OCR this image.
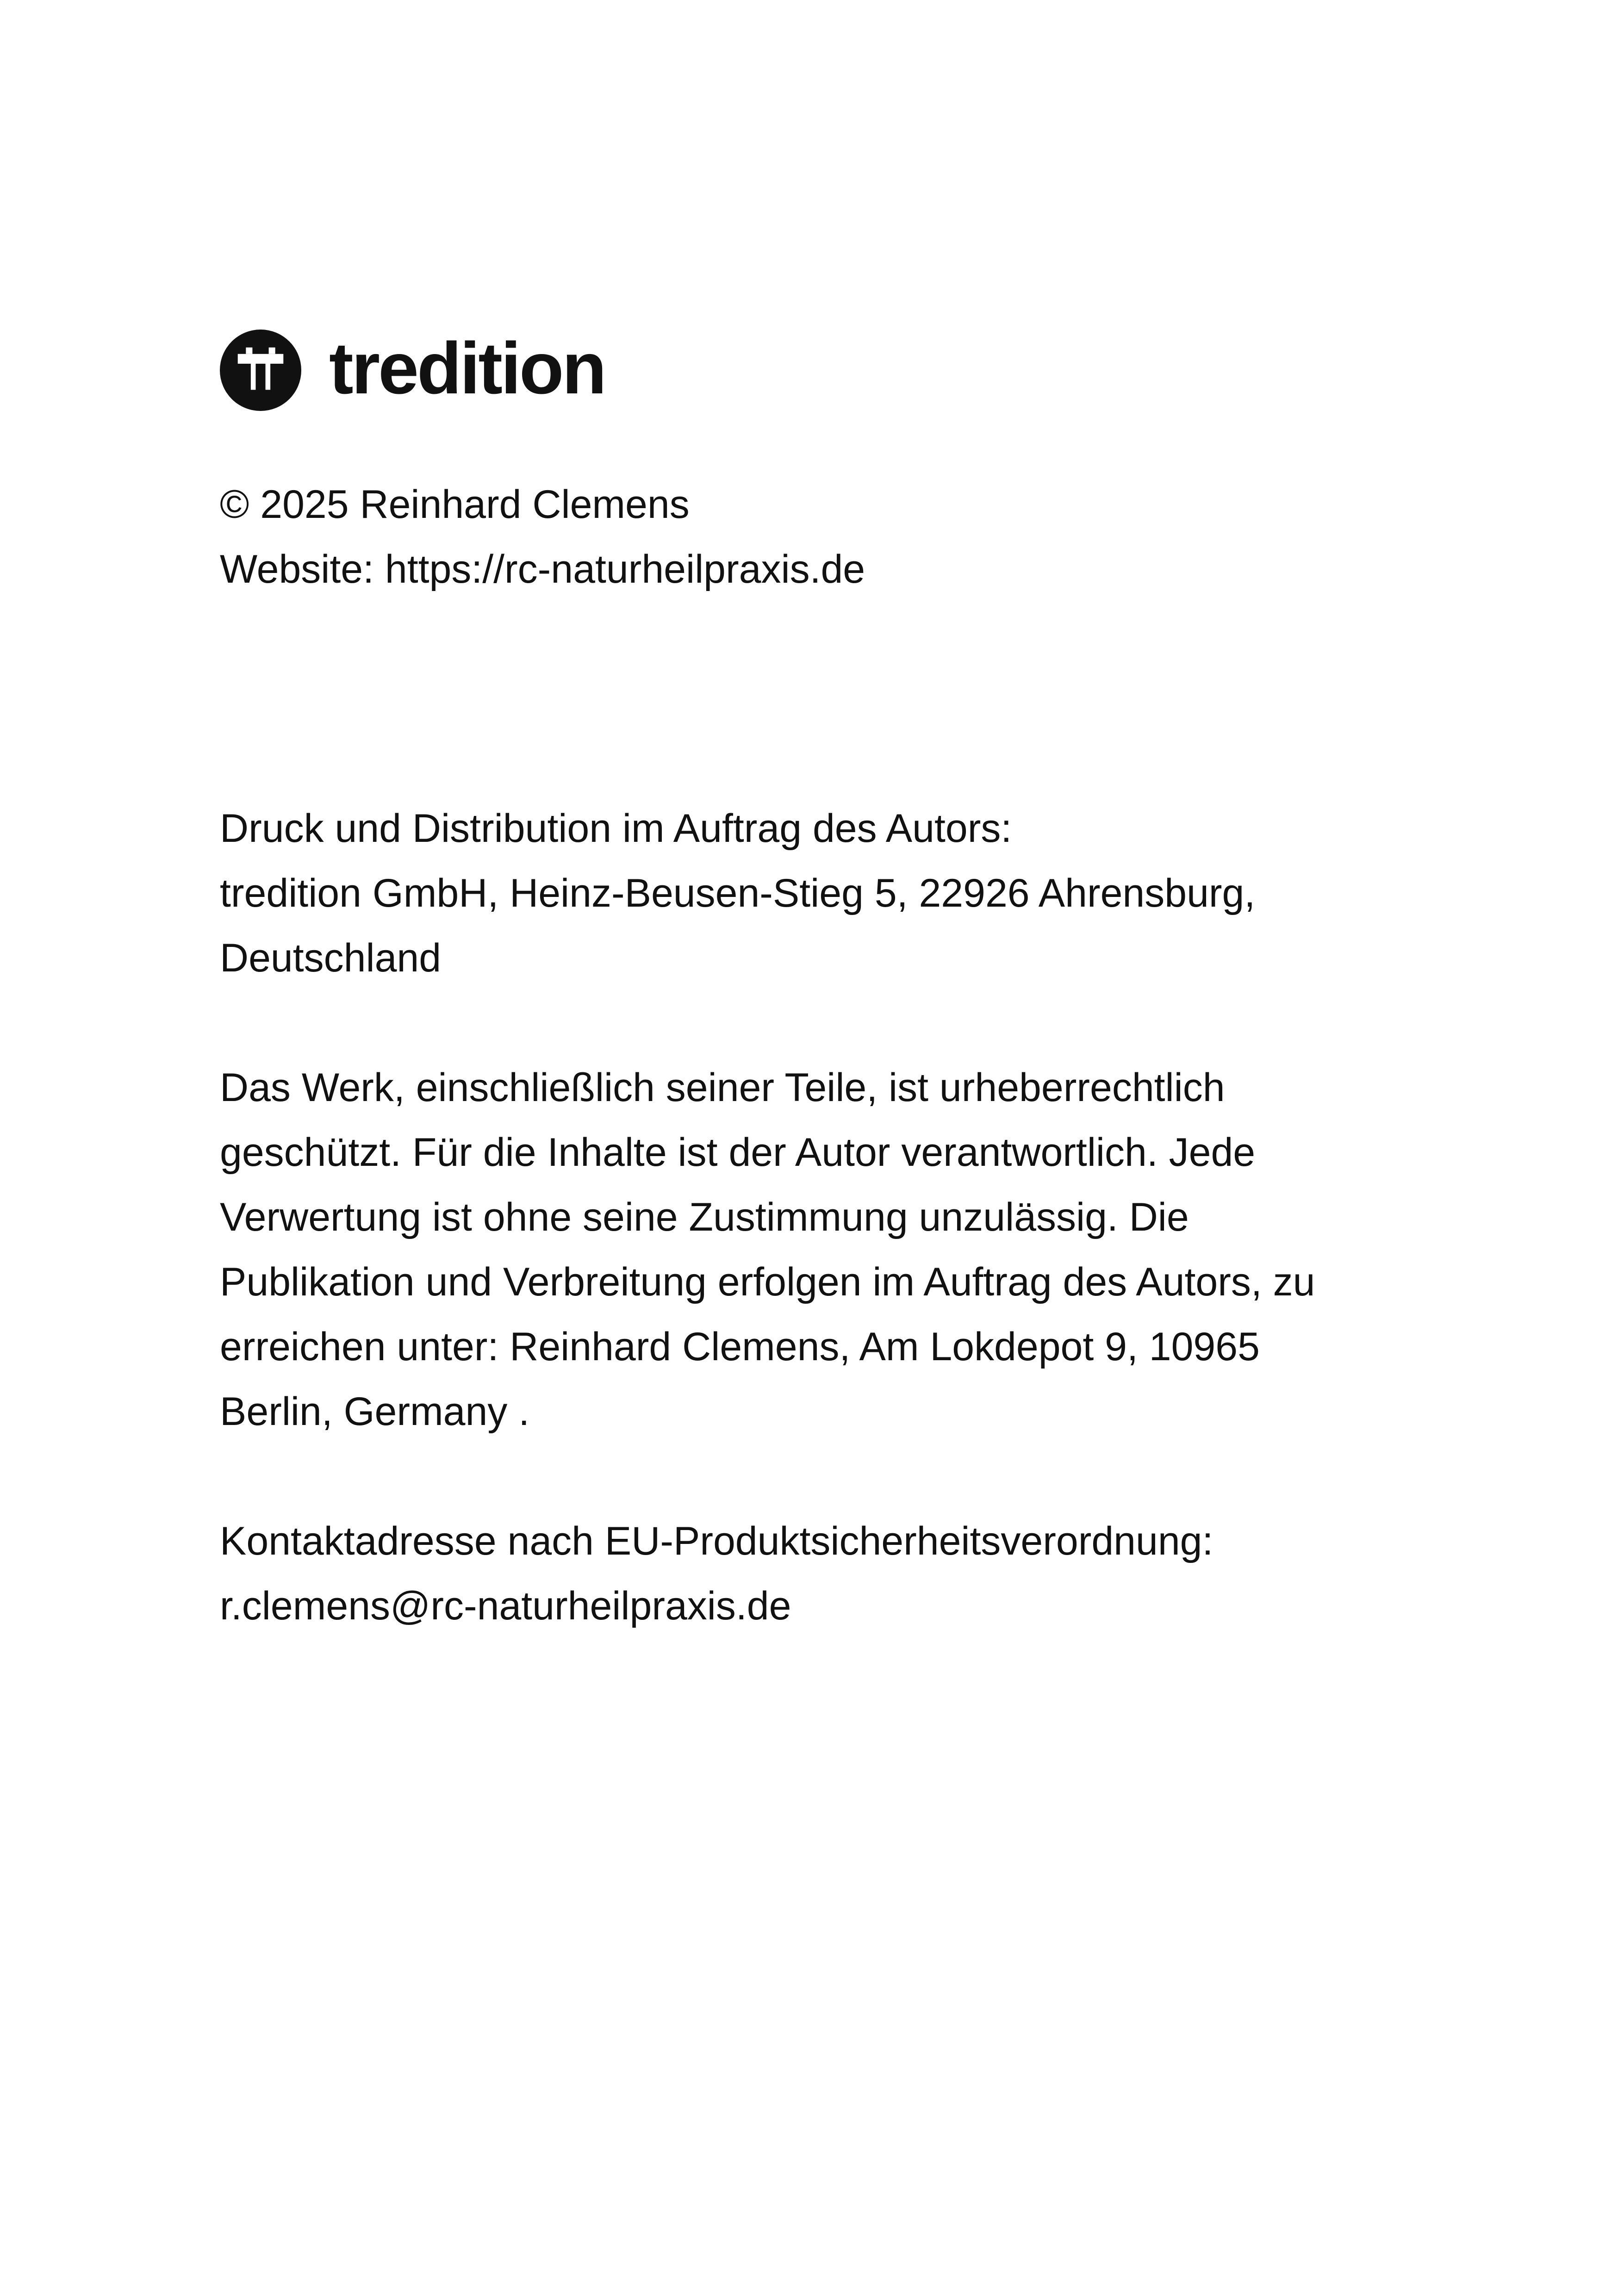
tredition
© 2025 Reinhard Clemens
Website: https://rc-naturheilpraxis.de
Druck und Distribution im Auftrag des Autors:
tredition GmbH, Heinz-Beusen-Stieg 5, 22926 Ahrensburg,
Deutschland
Das Werk, einschließlich seiner Teile, ist urheberrechtlich
geschützt. Für die Inhalte ist der Autor verantwortlich. Jede
Verwertung ist ohne seine Zustimmung unzulässig. Die
Publikation und Verbreitung erfolgen im Auftrag des Autors, zu
erreichen unter: Reinhard Clemens, Am Lokdepot 9, 10965
Berlin, Germany .
Kontaktadresse nach EU-Produktsicherheitsverordnung:
r.clemens@rc-naturheilpraxis.de
